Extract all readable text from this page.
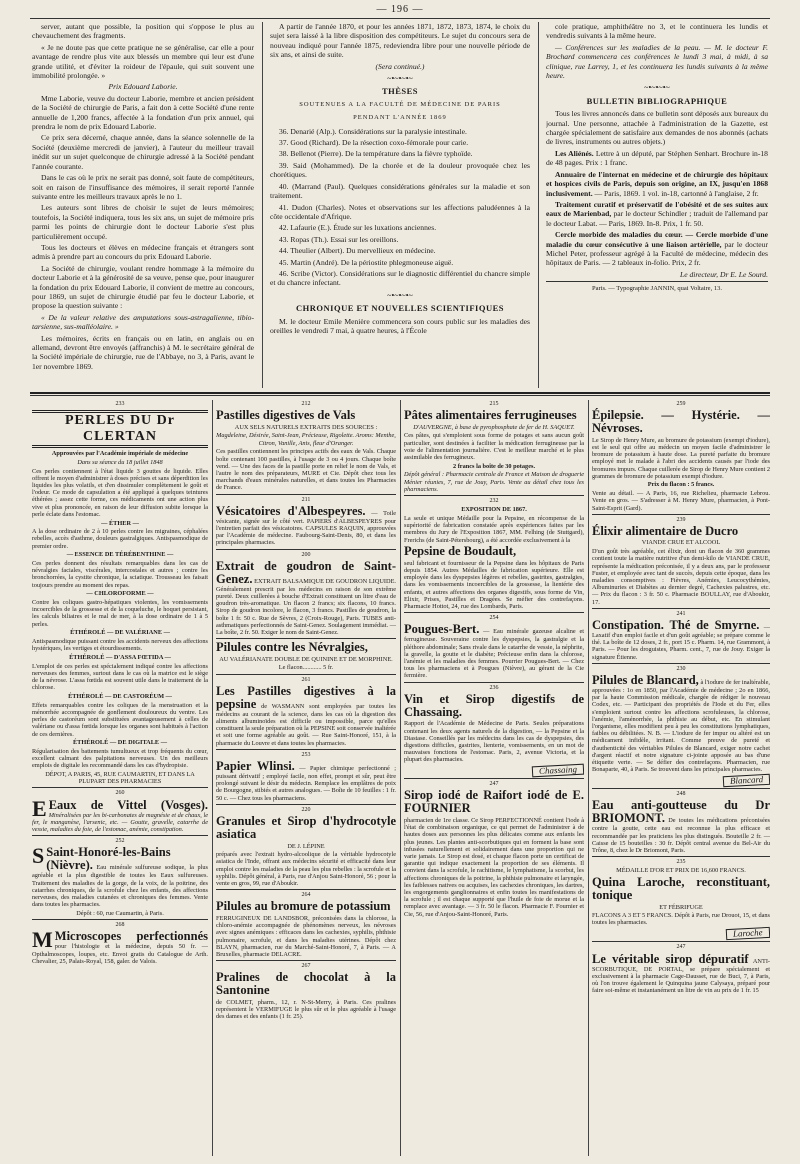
— 196 —

server, autant que possible, la position qui s'oppose le plus au chevauchement des fragments.

« Je ne doute pas que cette pratique ne se généralise, car elle a pour avantage de rendre plus vite aux blessés un membre qui leur est d'une grande utilité, et d'éviter la roideur de l'épaule, qui suit souvent une immobilité prolongée. »

Prix Edouard Laborie.

Mme Laborie, veuve du docteur Laborie, membre et ancien président de la Société de chirurgie de Paris, a fait don à cette Société d'une rente annuelle de 1,200 francs, affectée à la fondation d'un prix annuel, qui prendra le nom de prix Edouard Laborie.

Ce prix sera décerné, chaque année, dans la séance solennelle de la Société (deuxième mercredi de janvier), à l'auteur du meilleur travail inédit sur un sujet quelconque de chirurgie adressé à la Société pendant l'année courante.

Dans le cas où le prix ne serait pas donné, soit faute de compétiteurs, soit en raison de l'insuffisance des mémoires, il serait reporté l'année suivante entre les meilleurs travaux après le no 1.

Les auteurs sont libres de choisir le sujet de leurs mémoires; toutefois, la Société indiquera, tous les six ans, un sujet de mémoire pris parmi les points de chirurgie dont le docteur Laborie s'est plus particulièrement occupé.

Tous les docteurs et élèves en médecine français et étrangers sont admis à prendre part au concours du prix Edouard Laborie.

La Société de chirurgie, voulant rendre hommage à la mémoire du docteur Laborie et à la générosité de sa veuve, pense que, pour inaugurer la fondation du prix Edouard Laborie, il convient de mettre au concours, pour 1869, un sujet de chirurgie étudié par feu le docteur Laborie, et propose la question suivante :

« De la valeur relative des amputations sous-astragalienne, tibio-tarsienne, sus-malléolaire. »

Les mémoires, écrits en français ou en latin, en anglais ou en allemand, devront être envoyés (affranchis) à M. le secrétaire général de la Société impériale de chirurgie, rue de l'Abbaye, no 3, à Paris, avant le 1er novembre 1869.

A partir de l'année 1870, et pour les années 1871, 1872, 1873, 1874, le choix du sujet sera laissé à la libre disposition des compétiteurs. Le sujet du concours sera de nouveau indiqué pour l'année 1875, redeviendra libre pour une nouvelle période de six ans, et ainsi de suite.

(Sera continué.)

~•~•~•~
THÈSES
SOUTENUES A LA FACULTÉ DE MÉDECINE DE PARIS
PENDANT L'ANNÉE 1869

36. Denarié (Alp.). Considérations sur la paralysie intestinale.

37. Good (Richard). De la résection coxo-fémorale pour carie.

38. Bellenot (Pierre). De la température dans la fièvre typhoïde.

39. Said (Mohammed). De la chorée et de la douleur provoquée chez les chorétiques.

40. (Marrand (Paul). Quelques considérations générales sur la maladie et son traitement.

41. Dudon (Charles). Notes et observations sur les affections paludéennes à la côte occidentale d'Afrique.

42. Lafaurie (E.). Étude sur les luxations anciennes.

43. Ropas (Th.). Essai sur les oreillons.

44. Theulier (Albert). Du mervellieux en médecine.

45. Martin (André). De la périostite phlegmoneuse aiguë.

46. Scribe (Victor). Considérations sur le diagnostic différentiel du chancre simple et du chancre infectant.

~•~•~•~
CHRONIQUE ET NOUVELLES SCIENTIFIQUES

M. le docteur Emile Menière commencera son cours public sur les maladies des oreilles le vendredi 7 mai, à quatre heures, à l'École

cole pratique, amphithéâtre no 3, et le continuera les lundis et vendredis suivants à la même heure.

— Conférences sur les maladies de la peau. — M. le docteur F. Brochard commencera ces conférences le lundi 3 mai, à midi, à sa clinique, rue Larrey, 1, et les continuera les lundis suivants à la même heure.

~•~•~•~
BULLETIN BIBLIOGRAPHIQUE

Tous les livres annoncés dans ce bulletin sont déposés aux bureaux du journal. Une personne, attachée à l'administration de la Gazette, est chargée spécialement de satisfaire aux demandes de nos abonnés (achats de livres, instruments ou autres objets.)

Les Aliénés. Lettre à un député, par Stéphen Senhart. Brochure in-18 de 48 pages. Prix : 1 franc.

Annuaire de l'internat en médecine et de chirurgie des hôpitaux et hospices civils de Paris, depuis son origine, an IX, jusqu'en 1868 inclusivement. — Paris, 1869. 1 vol. in-18, cartonné à l'anglaise, 2 fr.

Traitement curatif et préservatif de l'obésité et de ses suites aux eaux de Marienbad, par le docteur Schindler ; traduit de l'allemand par le docteur Labat. — Paris, 1869. In-8. Prix, 1 fr. 50.

Cercle morbide des maladies du cœur. — Cercle morbide d'une maladie du cœur consécutive à une liaison artérielle, par le docteur Michel Peter, professeur agrégé à la Faculté de médecine, médecin des hôpitaux de Paris. — 2 tableaux in-folio. Prix, 2 fr.

Le directeur, Dr E. Le Sourd.

Paris. — Typographie JANNIN, quai Voltaire, 13.

233
PERLES DU Dr CLERTAN

Approuvées par l'Académie impériale de médecine

Dans sa séance du 18 juillet 1848

Ces perles contiennent à l'état liquide 3 gouttes de liquide. Elles offrent le moyen d'administrer à doses précises et sans déperdition les liquides les plus volatils, et d'en dissimuler complètement le goût et l'odeur. Ce mode de capsulation a été appliqué à quelques teintures éthérées ; assez cette forme, ces médicaments ont une action plus vive et plus prononcée, en raison de leur diffusion subite lorsque la perle éclate dans l'estomac.

— ÉTHER —

A la dose ordinaire de 2 à 10 perles contre les migraines, céphalées rebelles, accès d'asthme, douleurs gastralgiques. Antispasmodique de premier ordre.

— ESSENCE DE TÉRÉBENTHINE —

Ces perles donnent des résultats remarquables dans les cas de névralgies faciales, viscérales, intercostales et autres ; contre les bronchorrées, la cystite chronique, la sciatique. Trousseau les faisait toujours prendre au moment des repas.

— CHLOROFORME —

Contre les coliques gastro-hépatiques violentes, les vomissements incoercibles de la grossesse et de la coqueluche, le hoquet persistant, les calculs biliaires et le mal de mer, à la dose ordinaire de 1 à 5 perles.

ÉTHÉROLÉ — DE VALÉRIANE —

Antispasmodique puissant contre les accidents nerveux des affections hystériques, les vertiges et étourdissements.

ÉTHÉROLÉ — D'ASSA FŒTIDA —

L'emploi de ces perles est spécialement indiqué contre les affections nerveuses des femmes, surtout dans le cas où la matrice est le siège de la névrose. L'assa fœtida est souvent utile dans le traitement de la chlorose.

ÉTHÉROLÉ — DE CASTORÉUM —

Effets remarquables contre les coliques de la menstruation et la ménorrhée accompagnée de gonflement douloureux du ventre. Les perles de castoréum sont substituées avantageusement à celles de valériane ou d'assa fœtida lorsque les organes sont habitués à l'action de ces dernières.

ÉTHÉROLÉ — DE DIGITALE —

Régularisation des battements tumultueux et trop fréquents du cœur, excellent calmant des palpitations nerveuses. Un des meilleurs emplois de digitale les recommandé dans les cas d'hydropisie.

DÉPOT, A PARIS, 45, RUE CAUMARTIN, ET DANS LA PLUPART DES PHARMACIES

260

E Eaux de Vittel (Vosges). Minéralisées par les bi-carbonates de magnésie et de chaux, le fer, le manganèse, l'arsenic, etc. — Goutte, gravelle, catarrhe de vessie, maladies du foie, de l'estomac, anémie, constipation.

252

S Saint-Honoré-les-Bains (Nièvre). Eau minérale sulfureuse sodique, la plus agréable et la plus digestible de toutes les Eaux sulfureuses. Traitement des maladies de la gorge, de la voix, de la poitrine, des catarrhes chroniques, de la scrofule chez les enfants, des affections nerveuses, des maladies cutanées et chroniques des femmes. Vente dans toutes les pharmacies.

Dépôt : 60, rue Caumartin, à Paris.

268

M Microscopes perfectionnés pour l'histologie et la médecine, depuis 50 fr. — Opthalmoscopes, loupes, etc. Envoi gratis du Catalogue de Arth. Chevalier, 25, Palais-Royal, 158, galer. de Valois.

212

Pastilles digestives de Vals

AUX SELS NATURELS EXTRAITS DES SOURCES :

Magdeleine, Désirée, Saint-Jean, Précieuse, Rigolette. Aroms: Menthe, Citron, Vanille, Anis, fleur d'Oranger.

Ces pastilles contiennent les principes actifs des eaux de Vals. Chaque boîte contenant 100 pastilles, à l'usage de 3 ou 4 jours. Chaque boîte vend. — Une des faces de la pastille porte en relief le nom de Vals, et l'autre le nom des préparateurs, MURE et Cie. Dépôt chez tous les marchands d'eaux minérales naturelles, et dans toutes les Pharmacies de France.

211

Vésicatoires d'Albespeyres. — Toile vésicante, signée sur le côté vert. PAPIERS d'ALBESPEYRES pour l'entretien parfait des vésicatoires. CAPSULES RAQUIN, approuvées par l'Académie de médecine. Faubourg-Saint-Denis, 80, et dans les principales pharmacies.

200

Extrait de goudron de Saint-Genez. EXTRAIT BALSAMIQUE DE GOUDRON LIQUIDE. Généralement prescrit par les médecins en raison de son extrême pureté. Deux cuillerées à bouche d'Extrait constituent un litre d'eau de goudron très-aromatique. Un flacon 2 francs; six flacons, 10 francs. Sirop de goudron incolore, le flacon, 3 francs. Pastilles de goudron, la boîte 1 fr. 50 c. Rue de Sèvres, 2 (Croix-Rouge), Paris. TUBES anti-asthmatiques perfectionnés de Saint-Genez. Soulagement immédiat. — La boîte, 2 fr. 50. Exiger le nom de Saint-Genez.

Pilules contre les Névralgies,

AU VALÉRIANATE DOUBLE DE QUININE ET DE MORPHINE.

Le flacon............ 5 fr.

261

Les Pastilles digestives à la pepsine de WASMANN sont employées par toutes les médecins au courant de la science, dans les cas où la digestion des aliments albuminoïdes est difficile ou impossible, parce qu'elles constituent la seule préparation où la PEPSINE soit conservée inaltérée et soit une forme agréable au goût. — Rue Saint-Honoré, 151, à la pharmacie du Louvre et dans toutes les pharmacies.

253

Papier Wlinsi. — Papier chimique perfectionné ; puissant dérivatif ; employé facile, non effet, prompt et sûr, peut être prolongé suivant le désir du médecin. Remplace les emplâtres de poix de Bourgogne, stibiés et autres analogues. — Boîte de 10 feuilles : 1 fr. 50 c. — Chez tous les pharmaciens.

220

Granules et Sirop d'hydrocotyle asiatica

DE J. LÉPINE

préparés avec l'extrait hydro-alcoolique de la véritable hydrocotyle asiatica de l'Inde, offrant aux médecins sécurité et efficacité dans leur emploi contre les maladies de la peau les plus rebelles : la scrofule et la syphilis. Dépôt général, à Paris, rue d'Anjou Saint-Honoré, 56 ; pour la vente en gros, 99, rue d'Aboukir.

264

Pilules au bromure de potassium

FERRUGINEUX DE LANDSBOR, préconisées dans la chlorose, la chloro-anémie accompagnée de phénomènes nerveux, les névroses avec signes anémiques : efficaces dans les cachexies, syphilis, phthisie pulmonaire, scrofule, et dans les maladies utérines. Dépôt chez BLAYN, pharmacien, rue du Marché-Saint-Honoré, 7, à Paris. — A Bruxelles, pharmacie DELACRE.

267

Pralines de chocolat à la Santonine

de COLMET, pharm., 12, r. N-St-Merry, à Paris. Ces pralines représentent le VERMIFUGE le plus sûr et le plus agréable à l'usage des dames et des enfants (1 fr. 25).

215

Pâtes alimentaires ferrugineuses

D'AUVERGNE, à base de pyrophosphate de fer de H. SAQUET.

Ces pâtes, qui s'emploient sous forme de potages et sans aucun goût particulier, sont destinées à faciliter la médication ferrugineuse par la voie de l'alimentation journalière. C'est le meilleur marché et le plus assimilable des ferrugineux.

2 francs la boîte de 30 potages.

Dépôt général : Pharmacie centrale de France et Maison de droguerie Ménier réunies, 7, rue de Jouy, Paris. Vente au détail chez tous les pharmaciens.

232

EXPOSITION DE 1867.

La seule et unique Médaille pour la Pepsine, en récompense de la supériorité de fabrication constatée après expériences faites par les membres du Jury de l'Exposition 1867, MM. Felhing (de Stuttgard), Frerichs (de Saint-Pétersbourg), a été accordée exclusivement à la

Pepsine de Boudault,

seul fabricant et fournisseur de la Pepsine dans les hôpitaux de Paris depuis 1854. Autres Médailles de fabrication supérieure. Elle est employée dans les dyspepsies légères et rebelles, gastrites, gastralgies, dans les vomissements incoercibles de la grossesse, la lientérie des enfants, et autres affections des organes digestifs, sous forme de Vin, Elixir, Prises, Pastilles et Dragées. Se méfier des contrefaçons. Pharmacie Hottot, 24, rue des Lombards, Paris.

254

Pougues-Bert. — Eau minérale gazeuse alcaline et ferrugineuse. Souveraine contre les dyspepsies, la gastralgie et la pléthore abdominale; Sans rivale dans le catarrhe de vessie, la néphrite, la gravelle, la goutte et le diabète; Précieuse enfin dans la chlorose, l'anémie et les maladies des femmes. Pourrier Pougues-Bert. — Chez tous les pharmaciens et à Pougues (Nièvre), au gérant de la Cie fermière.

236

Vin et Sirop digestifs de Chassaing.

Rapport de l'Académie de Médecine de Paris. Seules préparations contenant les deux agents naturels de la digestion, — la Pepsine et la Diastase. Conseillés par les médecins dans les cas de dyspepsies, des digestions difficiles, gastrites, lienterie, vomissements, en un mot de mauvaises fonctions de l'estomac. Paris, 2, avenue Victoria, et la plupart des pharmacies.

Chassaing

247

Sirop iodé de Raifort iodé de E. FOURNIER

pharmacien de 1re classe. Ce Sirop PERFECTIONNÉ contient l'iode à l'état de combinaison organique, ce qui permet de l'administrer à de hautes doses aux personnes les plus délicates comme aux enfants les plus jeunes. Les plantes anti-scorbutiques qui en forment la base sont infusées naturellement et solidairement dans une proportion qui ne varie jamais. Le Sirop est dosé, et chaque flacon porte un certificat de garantie qui indique exactement la proportion de ses éléments. Il convient dans la scrofule, le rachitisme, le lymphatisme, la scorbut, les affections chroniques de la poitrine, la phthisie pulmonaire et laryngée, les faiblesses natives ou acquises, les cachexies chroniques, les dartres, les engorgements ganglionnaires et enfin toutes les manifestations de la scrofule ; il est chaque supporté que l'huile de foie de morue et la remplace avec avantage. — 3 fr. 50 le flacon. Pharmacie F. Fournier et Cie, 56, rue d'Anjou-Saint-Honoré, Paris.

259

Épilepsie. — Hystérie. — Névroses.

Le Sirop de Henry Mure, au bromure de potassium (exempt d'iodure), est le seul qui offre au médecin un moyen facile d'administrer le bromure de potassium à haute dose. La pureté parfaite du bromure employé met le malade à l'abri des accidents causés par l'iode des bromures impurs. Chaque cuillerée de Sirop de Henry Mure contient 2 grammes de bromure de potassium exempt d'iodure.

Prix du flacon : 5 francs.

Vente au détail. — A Paris, 16, rue Richelieu, pharmacie Lebrou. Vente en gros. — S'adresser à M. Henry Mure, pharmacien, à Pont-Saint-Esprit (Gard).

239

Élixir alimentaire de Ducro

VIANDE CRUE ET ALCOOL

D'un goût très agréable, cet élixir, dont un flacon de 360 grammes contient toute la matière nutritive d'un demi-kilo de VIANDE CRUE, représente la médication préconisée, il y a deux ans, par le professeur Fuster, et employée avec tant de succès, depuis cette époque, dans les maladies consomptives : Fièvres, Anémies, Leucocythémies, Albuminuries et Diabètes au dernier degré, Cachexies palustres, etc. — Prix du flacon : 3 fr. 50 c. Pharmacie BOULLAY, rue d'Aboukir, 17.

241

Constipation. Thé de Smyrne. — Laxatif d'un emploi facile et d'un goût agréable; se prépare comme le thé. La boîte de 12 doses, 2 fr., port 15 c. Pharm. 14, rue Grammont, à Paris. — Pour les droguistes, Pharm. cent., 7, rue de Jouy. Exiger la signature Étienne.

230

Pilules de Blancard, à l'iodure de fer inaltérable, approuvées : 1o en 1850, par l'Académie de médecine ; 2o en 1866, par la haute Commission médicale, chargée de rédiger le nouveau Codex, etc. — Participant des propriétés de l'Iode et du Fer, elles s'emploient surtout contre les affections scrofuleuses, la chlorose, l'anémie, l'aménorrhée, la phthisie au début, etc. En stimulant l'organisme, elles modifient peu à peu les constitutions lymphatiques, faibles ou débilitées. N. B. — L'iodure de fer impur ou altéré est un médicament infidèle, irritant. Comme preuve de pureté et d'authenticité des véritables Pilules de Blancard, exiger notre cachet d'argent réactif et notre signature ci-jointe apposée au bas d'une étiquette verte. — Se défier des contrefaçons. Pharmacien, rue Bonaparte, 40, à Paris. Se trouvent dans les principales pharmacies.

Blancard

248

Eau anti-goutteuse du Dr BRIOMONT. De toutes les médications préconisées contre la goutte, cette eau est reconnue la plus efficace et recommandée par les praticiens les plus distingués. Bouteille 2 fr. — Caisse de 15 bouteilles : 30 fr. Dépôt central avenue du Bel-Air du Trône, 8, chez le Dr Briomont, Paris.

235

MÉDAILLE D'OR ET PRIX DE 16,600 FRANCS.

Quina Laroche, reconstituant, tonique

ET FÉBRIFUGE

FLACONS A 3 ET 5 FRANCS. Dépôt à Paris, rue Drouot, 15, et dans toutes les pharmacies.

Laroche

247

Le véritable sirop dépuratif ANTI-SCORBUTIQUE, DE PORTAL, se prépare spécialement et exclusivement à la pharmacie Cage-Dausset, rue de Buci, 7, à Paris, où l'on trouve également le Quinquina jaune Calysaya, préparé pour faire soi-même et instantanément un litre de vin au prix de 1 fr. 15
